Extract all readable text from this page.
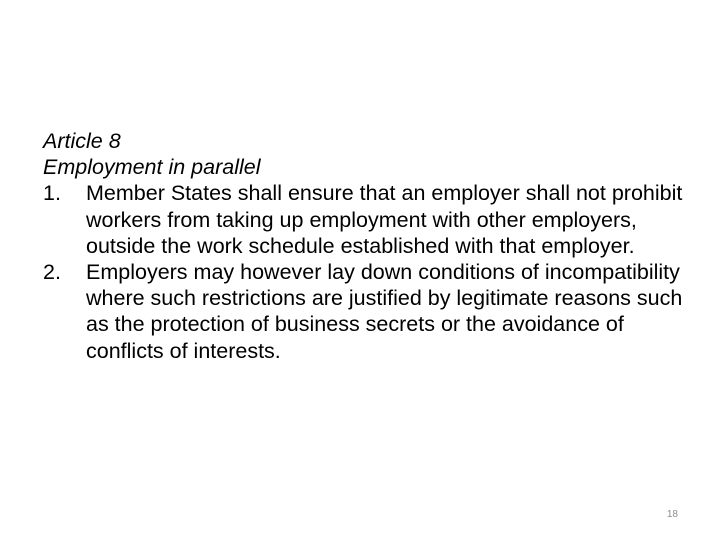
Article 8

Employment in parallel

1. Member States shall ensure that an employer shall not prohibit workers from taking up employment with other employers, outside the work schedule established with that employer.
2. Employers may however lay down conditions of incompatibility where such restrictions are justified by legitimate reasons such as the protection of business secrets or the avoidance of conflicts of interests.
18
